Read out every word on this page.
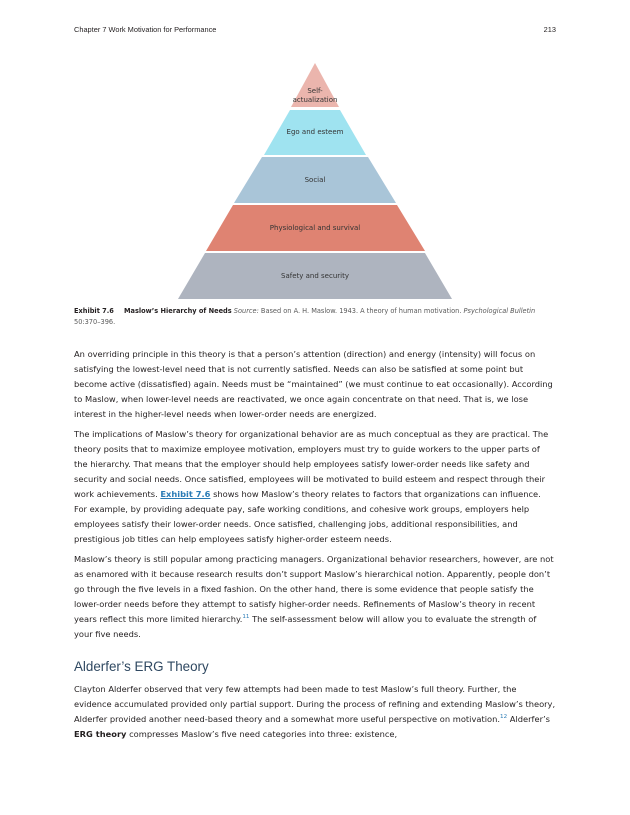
Chapter 7 Work Motivation for Performance	213
Self-
actualization
Ego and esteem
Social
Physiological and survival
Safety and security
Exhibit 7.6 Maslow’s Hierarchy of Needs Source: Based on A. H. Maslow. 1943. A theory of human motivation. Psychological Bulletin
50:370–396.

An overriding principle in this theory is that a person’s attention (direction) and energy (intensity) will focus on satisfying the lowest-level need that is not currently satisfied. Needs can also be satisfied at some point but become active (dissatisfied) again. Needs must be “maintained” (we must continue to eat occasionally). According to Maslow, when lower-level needs are reactivated, we once again concentrate on that need. That is, we lose interest in the higher-level needs when lower-order needs are energized.

The implications of Maslow’s theory for organizational behavior are as much conceptual as they are practical. The theory posits that to maximize employee motivation, employers must try to guide workers to the upper parts of the hierarchy. That means that the employer should help employees satisfy lower-order needs like safety and security and social needs. Once satisfied, employees will be motivated to build esteem and respect through their work achievements. Exhibit 7.6 shows how Maslow’s theory relates to factors that organizations can influence. For example, by providing adequate pay, safe working conditions, and cohesive work groups, employers help employees satisfy their lower-order needs. Once satisfied, challenging jobs, additional responsibilities, and prestigious job titles can help employees satisfy higher-order esteem needs.

Maslow’s theory is still popular among practicing managers. Organizational behavior researchers, however, are not as enamored with it because research results don’t support Maslow’s hierarchical notion. Apparently, people don’t go through the five levels in a fixed fashion. On the other hand, there is some evidence that people satisfy the lower-order needs before they attempt to satisfy higher-order needs. Refinements of Maslow’s theory in recent years reflect this more limited hierarchy.$^{11}$ The self-assessment below will allow you to evaluate the strength of your five needs.

Alderfer’s ERG Theory

Clayton Alderfer observed that very few attempts had been made to test Maslow’s full theory. Further, the evidence accumulated provided only partial support. During the process of refining and extending Maslow’s theory, Alderfer provided another need-based theory and a somewhat more useful perspective on motivation.$^{12}$ Alderfer’s ERG theory compresses Maslow’s five need categories into three: existence,
